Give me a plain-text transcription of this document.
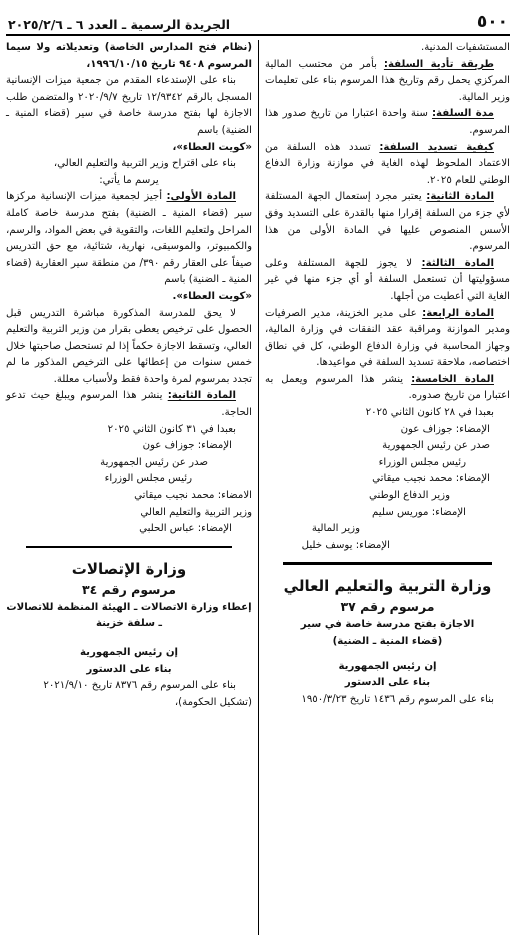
٥٠٠
الجريدة الرسمية ـ العدد ٦ ـ ٢٠٢٥/٢/٦

المستشفيات المدنية.

طريقة تأدية السلفة: بأمر من محتسب المالية المركزي يحمل رقم وتاريخ هذا المرسوم بناء على تعليمات وزير المالية.

مدة السلفة: سنة واحدة اعتبارا من تاريخ صدور هذا المرسوم.

كيفية تسديد السلفة: تسدد هذه السلفة من الاعتماد الملحوظ لهذه الغاية في موازنة وزارة الدفاع الوطني للعام ٢٠٢٥.

المادة الثانية: يعتبر مجرد إستعمال الجهة المستلفة لأي جزء من السلفة إقرارا منها بالقدرة على التسديد وفق الأسس المنصوص عليها في المادة الأولى من هذا المرسوم.

المادة الثالثة: لا يجوز للجهة المستلفة وعلى مسؤوليتها أن تستعمل السلفة أو أي جزء منها في غير الغاية التي أعطيت من أجلها.

المادة الرابعة: على مدير الخزينة، مدير الصرفيات ومدير الموازنة ومراقبة عقد النفقات في وزارة المالية، وجهاز المحاسبة في وزارة الدفاع الوطني، كل في نطاق اختصاصه، ملاحقة تسديد السلفة في مواعيدها.

المادة الخامسة: ينشر هذا المرسوم ويعمل به اعتبارا من تاريخ صدوره.

بعبدا في ٢٨ كانون الثاني ٢٠٢٥

الإمضاء: جوزاف عون

صدر عن رئيس الجمهورية

رئيس مجلس الوزراء

الإمضاء: محمد نجيب ميقاتي

وزير الدفاع الوطني

الإمضاء: موريس سليم

وزير المالية

الإمضاء: يوسف خليل

وزارة التربية والتعليم العالي

مرسوم رقم ٣٧

الاجازة بفتح مدرسة خاصة في سير

(قضاء المنية ـ الضنية)

إن رئيس الجمهورية

بناء على الدستور

بناء على المرسوم رقم ١٤٣٦ تاريخ ١٩٥٠/٣/٢٣

(نظام فتح المدارس الخاصة) وتعديلاته ولا سيما المرسوم ٩٤٠٨ تاريخ ١٩٩٦/١٠/١٥،

بناء على الإستدعاء المقدم من جمعية ميزات الإنسانية المسجل بالرقم ١٢/٩٣٤٢ تاريخ ٢٠٢٠/٩/٧ والمتضمن طلب الاجازة لها بفتح مدرسة خاصة في سير (قضاء المنية ـ الضنية) باسم

«كويت العطاء»،

بناء على اقتراح وزير التربية والتعليم العالي،

يرسم ما يأتي:

المادة الأولى: أجيز لجمعية ميزات الإنسانية مركزها سير (قضاء المنية ـ الضنية) بفتح مدرسة خاصة كاملة المراحل ولتعليم اللغات، والتقوية في بعض المواد، والرسم، والكمبيوتر، والموسيقى، نهارية، شتائية، مع حق التدريس صيفاً على العقار رقم ٣٩٠/ من منطقة سير العقارية (قضاء المنية ـ الضنية) باسم

«كويت العطاء».

لا يحق للمدرسة المذكورة مباشرة التدريس قبل الحصول على ترخيص يعطى بقرار من وزير التربية والتعليم العالي، وتسقط الاجازة حكماً إذا لم تستحصل صاحبتها خلال خمس سنوات من إعطائها على الترخيص المذكور ما لم تجدد بمرسوم لمرة واحدة فقط ولأسباب معللة.

المادة الثانية: ينشر هذا المرسوم ويبلغ حيث تدعو الحاجة.

بعبدا في ٣١ كانون الثاني ٢٠٢٥

الإمضاء: جوزاف عون

صدر عن رئيس الجمهورية

رئيس مجلس الوزراء

الامضاء: محمد نجيب ميقاتي

وزير التربية والتعليم العالي

الإمضاء: عباس الحلبي

وزارة الإتصالات

مرسوم رقم ٣٤

إعطاء وزارة الاتصالات ـ الهيئة المنظمة للاتصالات ـ سلفة خزينة

إن رئيس الجمهورية

بناء على الدستور

بناء على المرسوم رقم ٨٣٧٦ تاريخ ٢٠٢١/٩/١٠

(تشكيل الحكومة)،
